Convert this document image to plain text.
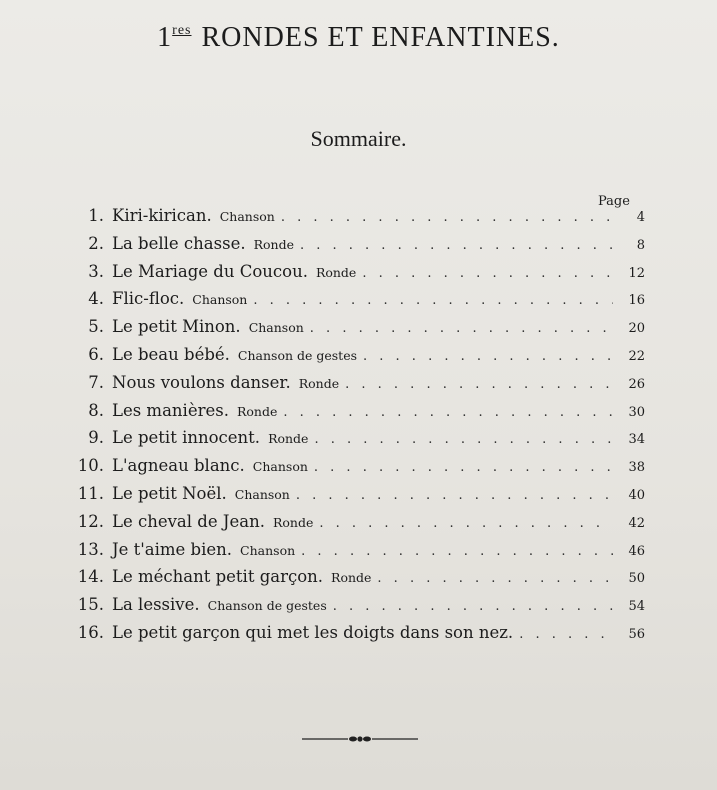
1res RONDES ET ENFANTINES.
Sommaire.
Page
1. Kiri-kirican. Chanson . . .	4
2. La belle chasse. Ronde . . .	8
3. Le Mariage du Coucou. Ronde . . .	12
4. Flic-floc. Chanson . . .	16
5. Le petit Minon. Chanson . . .	20
6. Le beau bébé. Chanson de gestes . . .	22
7. Nous voulons danser. Ronde . . .	26
8. Les manières. Ronde . . .	30
9. Le petit innocent. Ronde . . .	34
10. L'agneau blanc. Chanson . . .	38
11. Le petit Noël. Chanson . . .	40
12. Le cheval de Jean. Ronde . . .	42
13. Je t'aime bien. Chanson . . .	46
14. Le méchant petit garçon. Ronde . . .	50
15. La lessive. Chanson de gestes . . .	54
16. Le petit garçon qui met les doigts dans son nez. . . .	56
